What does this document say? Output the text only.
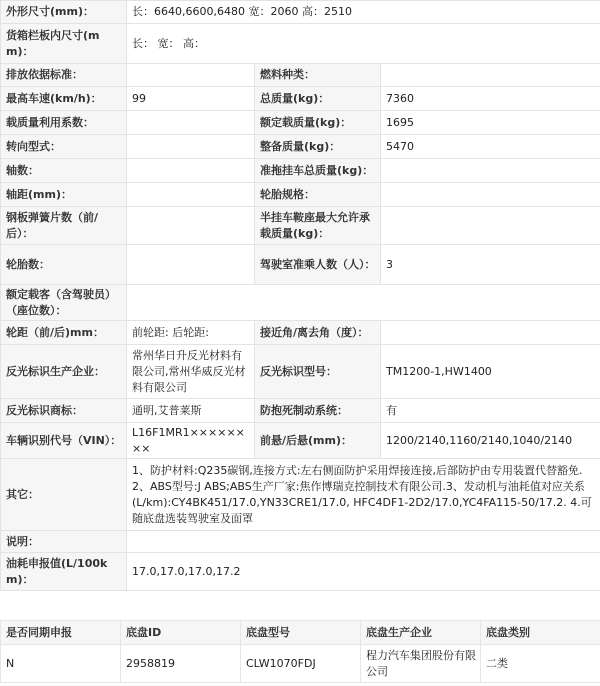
外形尺寸(mm)：	长：6640,6600,6480 宽：2060 高：2510		
货箱栏板内尺寸(mm)：	长： 宽： 高：		
排放依据标准：		燃料种类：	
最高车速(km/h)：	99	总质量(kg)：	7360
载质量利用系数：		额定载质量(kg)：	1695
转向型式：		整备质量(kg)：	5470
轴数：		准拖挂车总质量(kg)：	
轴距(mm)：		轮胎规格：	
钢板弹簧片数（前/后）：		半挂车鞍座最大允许承载质量(kg)：	
轮胎数：		驾驶室准乘人数（人）：	3
额定载客（含驾驶员）（座位数）：			
轮距（前/后)mm：	前轮距: 后轮距:	接近角/离去角（度）：	
反光标识生产企业：	常州华日升反光材料有限公司,常州华威反光材料有限公司	反光标识型号：	TM1200-1,HW1400
反光标识商标：	通明,艾普莱斯	防抱死制动系统：	有
车辆识别代号（VIN）：	L16F1MR1××××××××	前悬/后悬(mm)：	1200/2140,1160/2140,1040/2140
其它：	1、防护材料:Q235碳钢,连接方式:左右侧面防护采用焊接连接,后部防护由专用装置代替豁免.2、ABS型号:J ABS;ABS生产厂家:焦作博瑞克控制技术有限公司.3、发动机与油耗值对应关系(L/km):CY4BK451/17.0,YN33CRE1/17.0, HFC4DF1-2D2/17.0,YC4FA115-50/17.2. 4.可随底盘选装驾驶室及面罩		
说明：			
油耗申报值(L/100km)：	17.0,17.0,17.0,17.2		
是否同期申报	底盘ID	底盘型号	底盘生产企业	底盘类别
N	2958819	CLW1070FDJ	程力汽车集团股份有限公司	二类
